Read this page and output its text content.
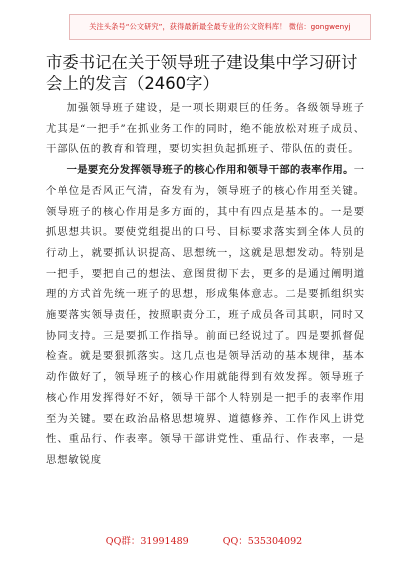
关注头条号“公文研究”，获得最新最全最专业的公文资料库！ 微信：gongwenyj
市委书记在关于领导班子建设集中学习研讨会上的发言（2460字）

加强领导班子建设，是一项长期艰巨的任务。各级领导班子尤其是“一把手”在抓业务工作的同时，绝不能放松对班子成员、干部队伍的教育和管理，要切实担负起抓班子、带队伍的责任。

一是要充分发挥领导班子的核心作用和领导干部的表率作用。一个单位是否风正气清，奋发有为，领导班子的核心作用至关键。领导班子的核心作用是多方面的，其中有四点是基本的。一是要抓思想共识。要使党组提出的口号、目标要求落实到全体人员的行动上，就要抓认识提高、思想统一，这就是思想发动。特别是一把手，要把自己的想法、意图贯彻下去，更多的是通过阐明道理的方式首先统一班子的思想，形成集体意志。二是要抓组织实施要落实领导责任，按照职责分工，班子成员各司其职，同时又协同支持。三是要抓工作指导。前面已经说过了。四是要抓督促检查。就是要狠抓落实。这几点也是领导活动的基本规律，基本动作做好了，领导班子的核心作用就能得到有效发挥。领导班子核心作用发挥得好不好，领导干部个人特别是一把手的表率作用至为关键。要在政治品格思想境界、道德修养、工作作风上讲党性、重品行、作表率。领导干部讲党性、重品行、作表率，一是思想敏锐度

QQ群：31991489	QQ：535304092
